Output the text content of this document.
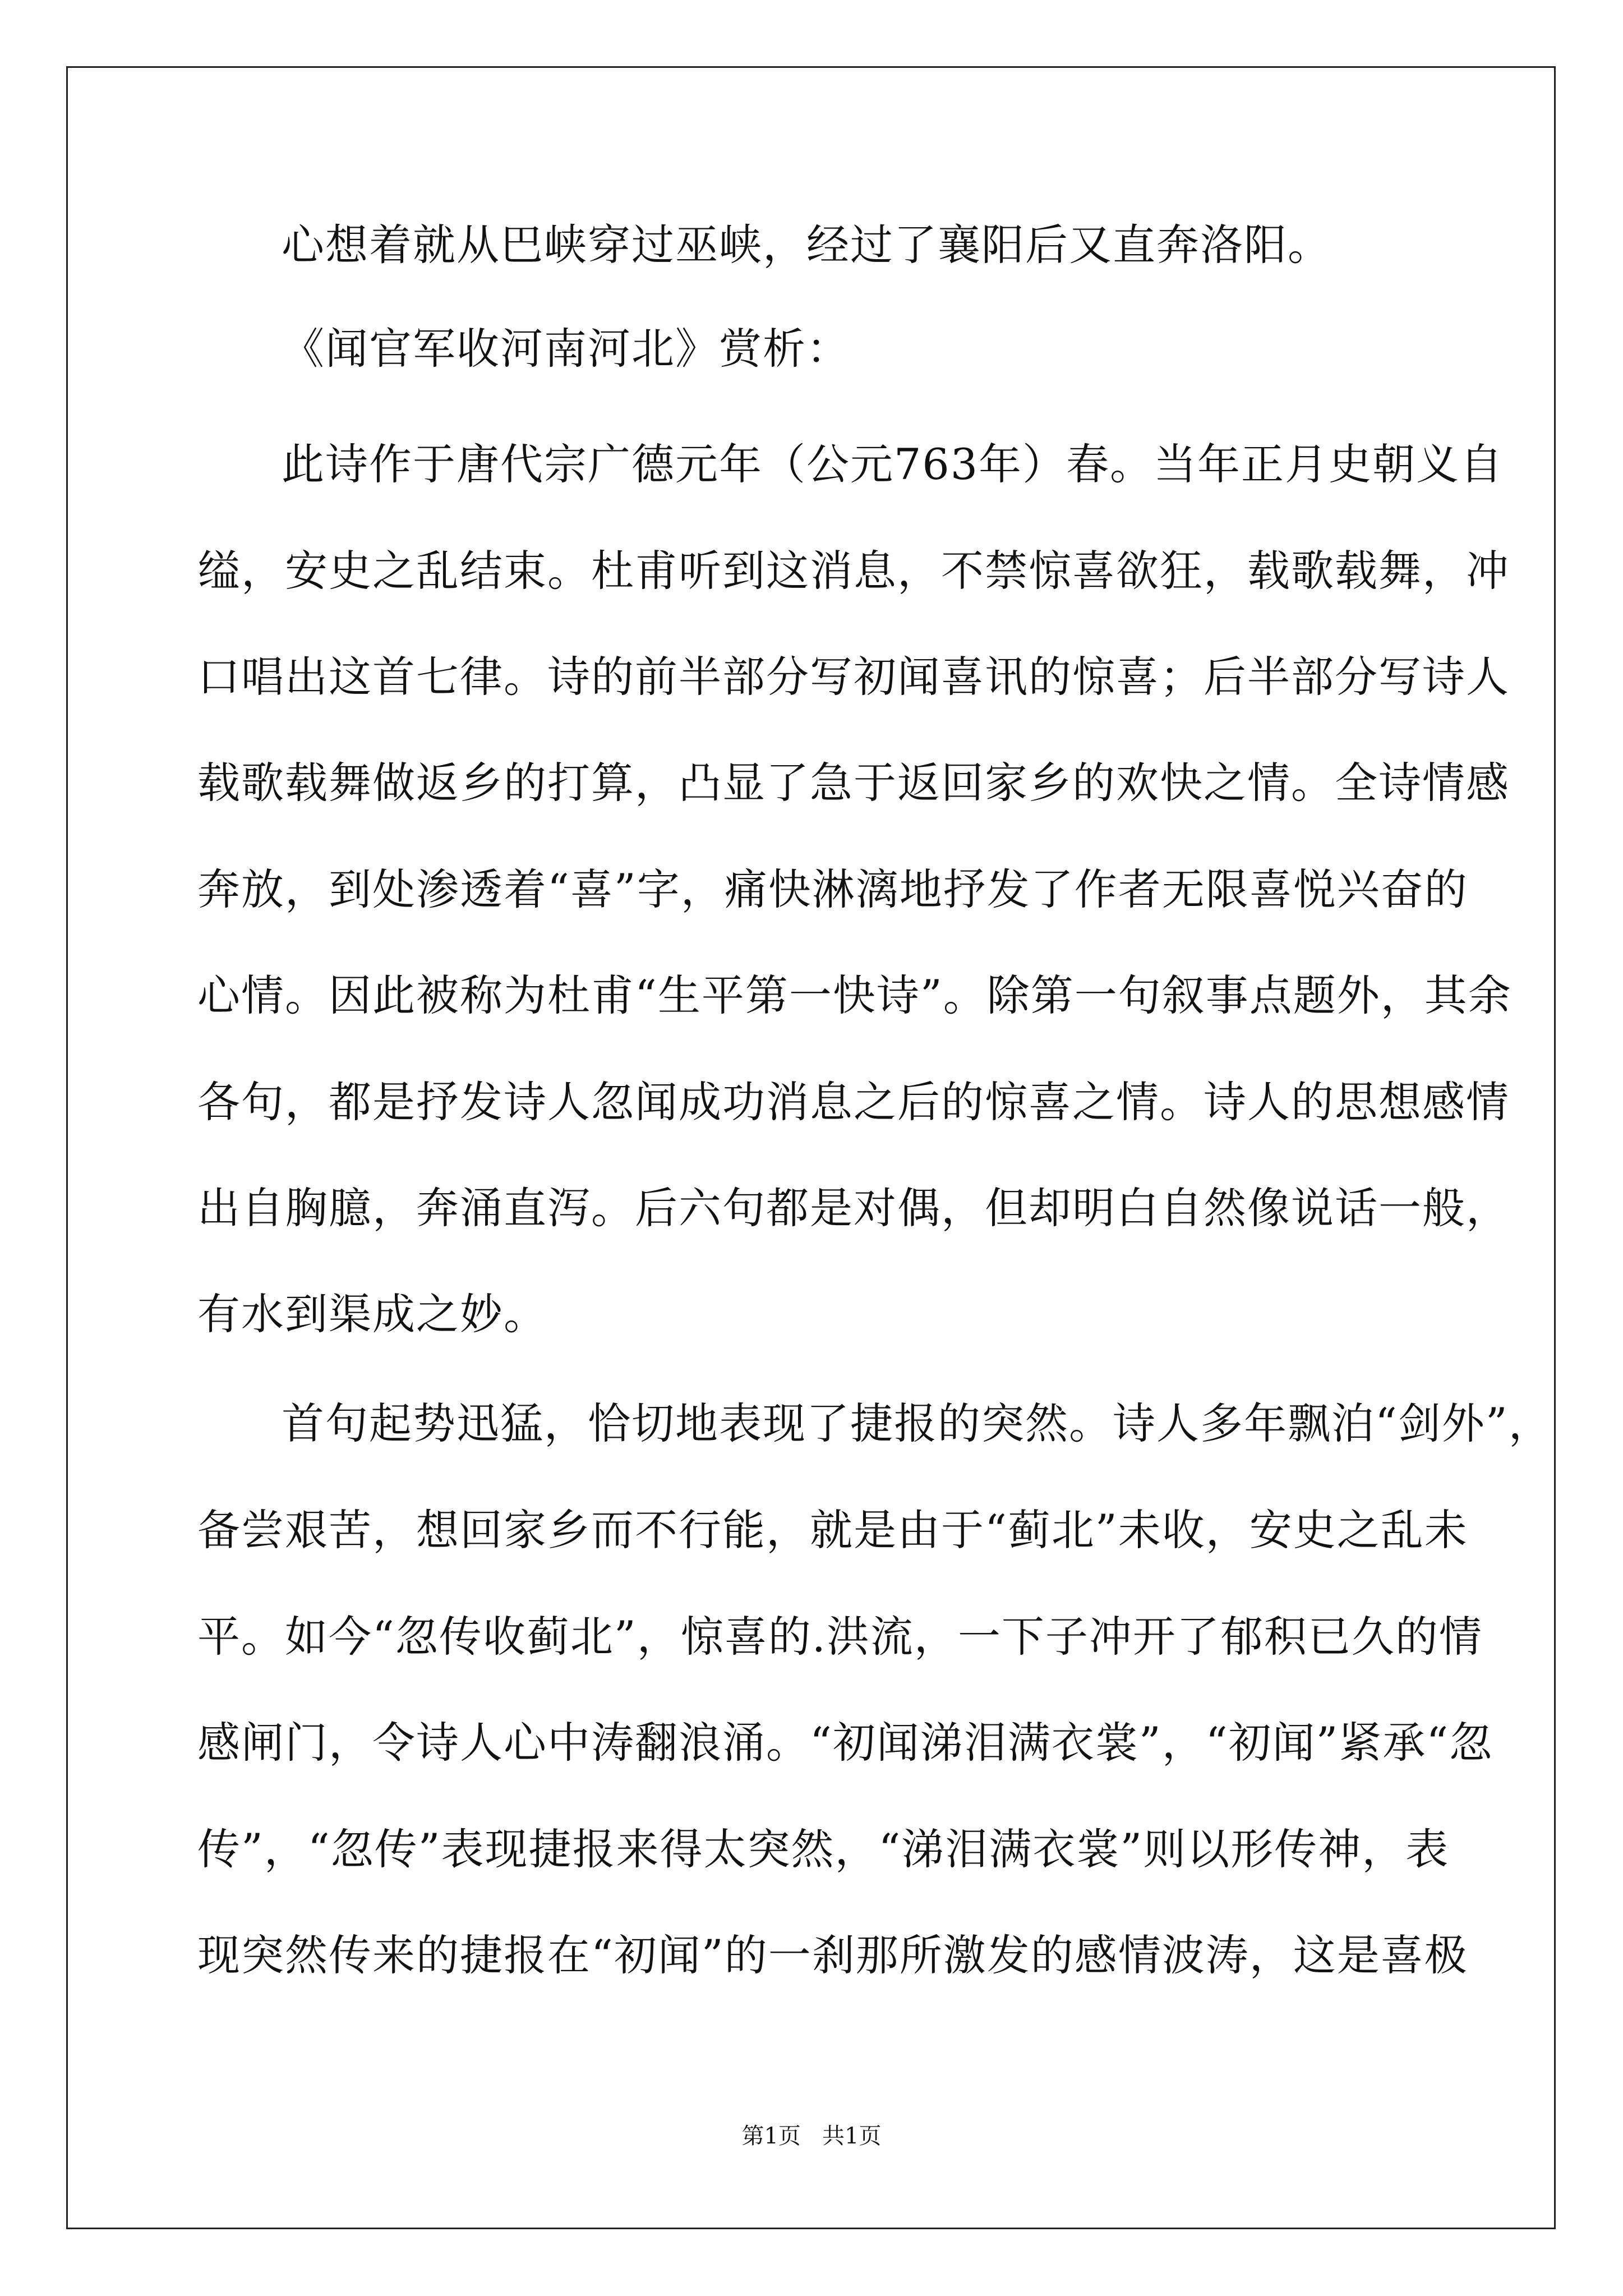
心想着就从巴峡穿过巫峡，经过了襄阳后又直奔洛阳。
《闻官军收河南河北》赏析：
此诗作于唐代宗广德元年（公元763年）春。当年正月史朝义自
缢，安史之乱结束。杜甫听到这消息，不禁惊喜欲狂，载歌载舞，冲
口唱出这首七律。诗的前半部分写初闻喜讯的惊喜；后半部分写诗人
载歌载舞做返乡的打算，凸显了急于返回家乡的欢快之情。全诗情感
奔放，到处渗透着“喜”字，痛快淋漓地抒发了作者无限喜悦兴奋的
心情。因此被称为杜甫“生平第一快诗”。除第一句叙事点题外，其余
各句，都是抒发诗人忽闻成功消息之后的惊喜之情。诗人的思想感情
出自胸臆，奔涌直泻。后六句都是对偶，但却明白自然像说话一般，
有水到渠成之妙。
首句起势迅猛，恰切地表现了捷报的突然。诗人多年飘泊“剑外”，
备尝艰苦，想回家乡而不行能，就是由于“蓟北”未收，安史之乱未
平。如今“忽传收蓟北”，惊喜的.洪流，一下子冲开了郁积已久的情
感闸门，令诗人心中涛翻浪涌。“初闻涕泪满衣裳”，“初闻”紧承“忽
传”，“忽传”表现捷报来得太突然，“涕泪满衣裳”则以形传神，表
现突然传来的捷报在“初闻”的一刹那所激发的感情波涛，这是喜极
第1页   共1页
